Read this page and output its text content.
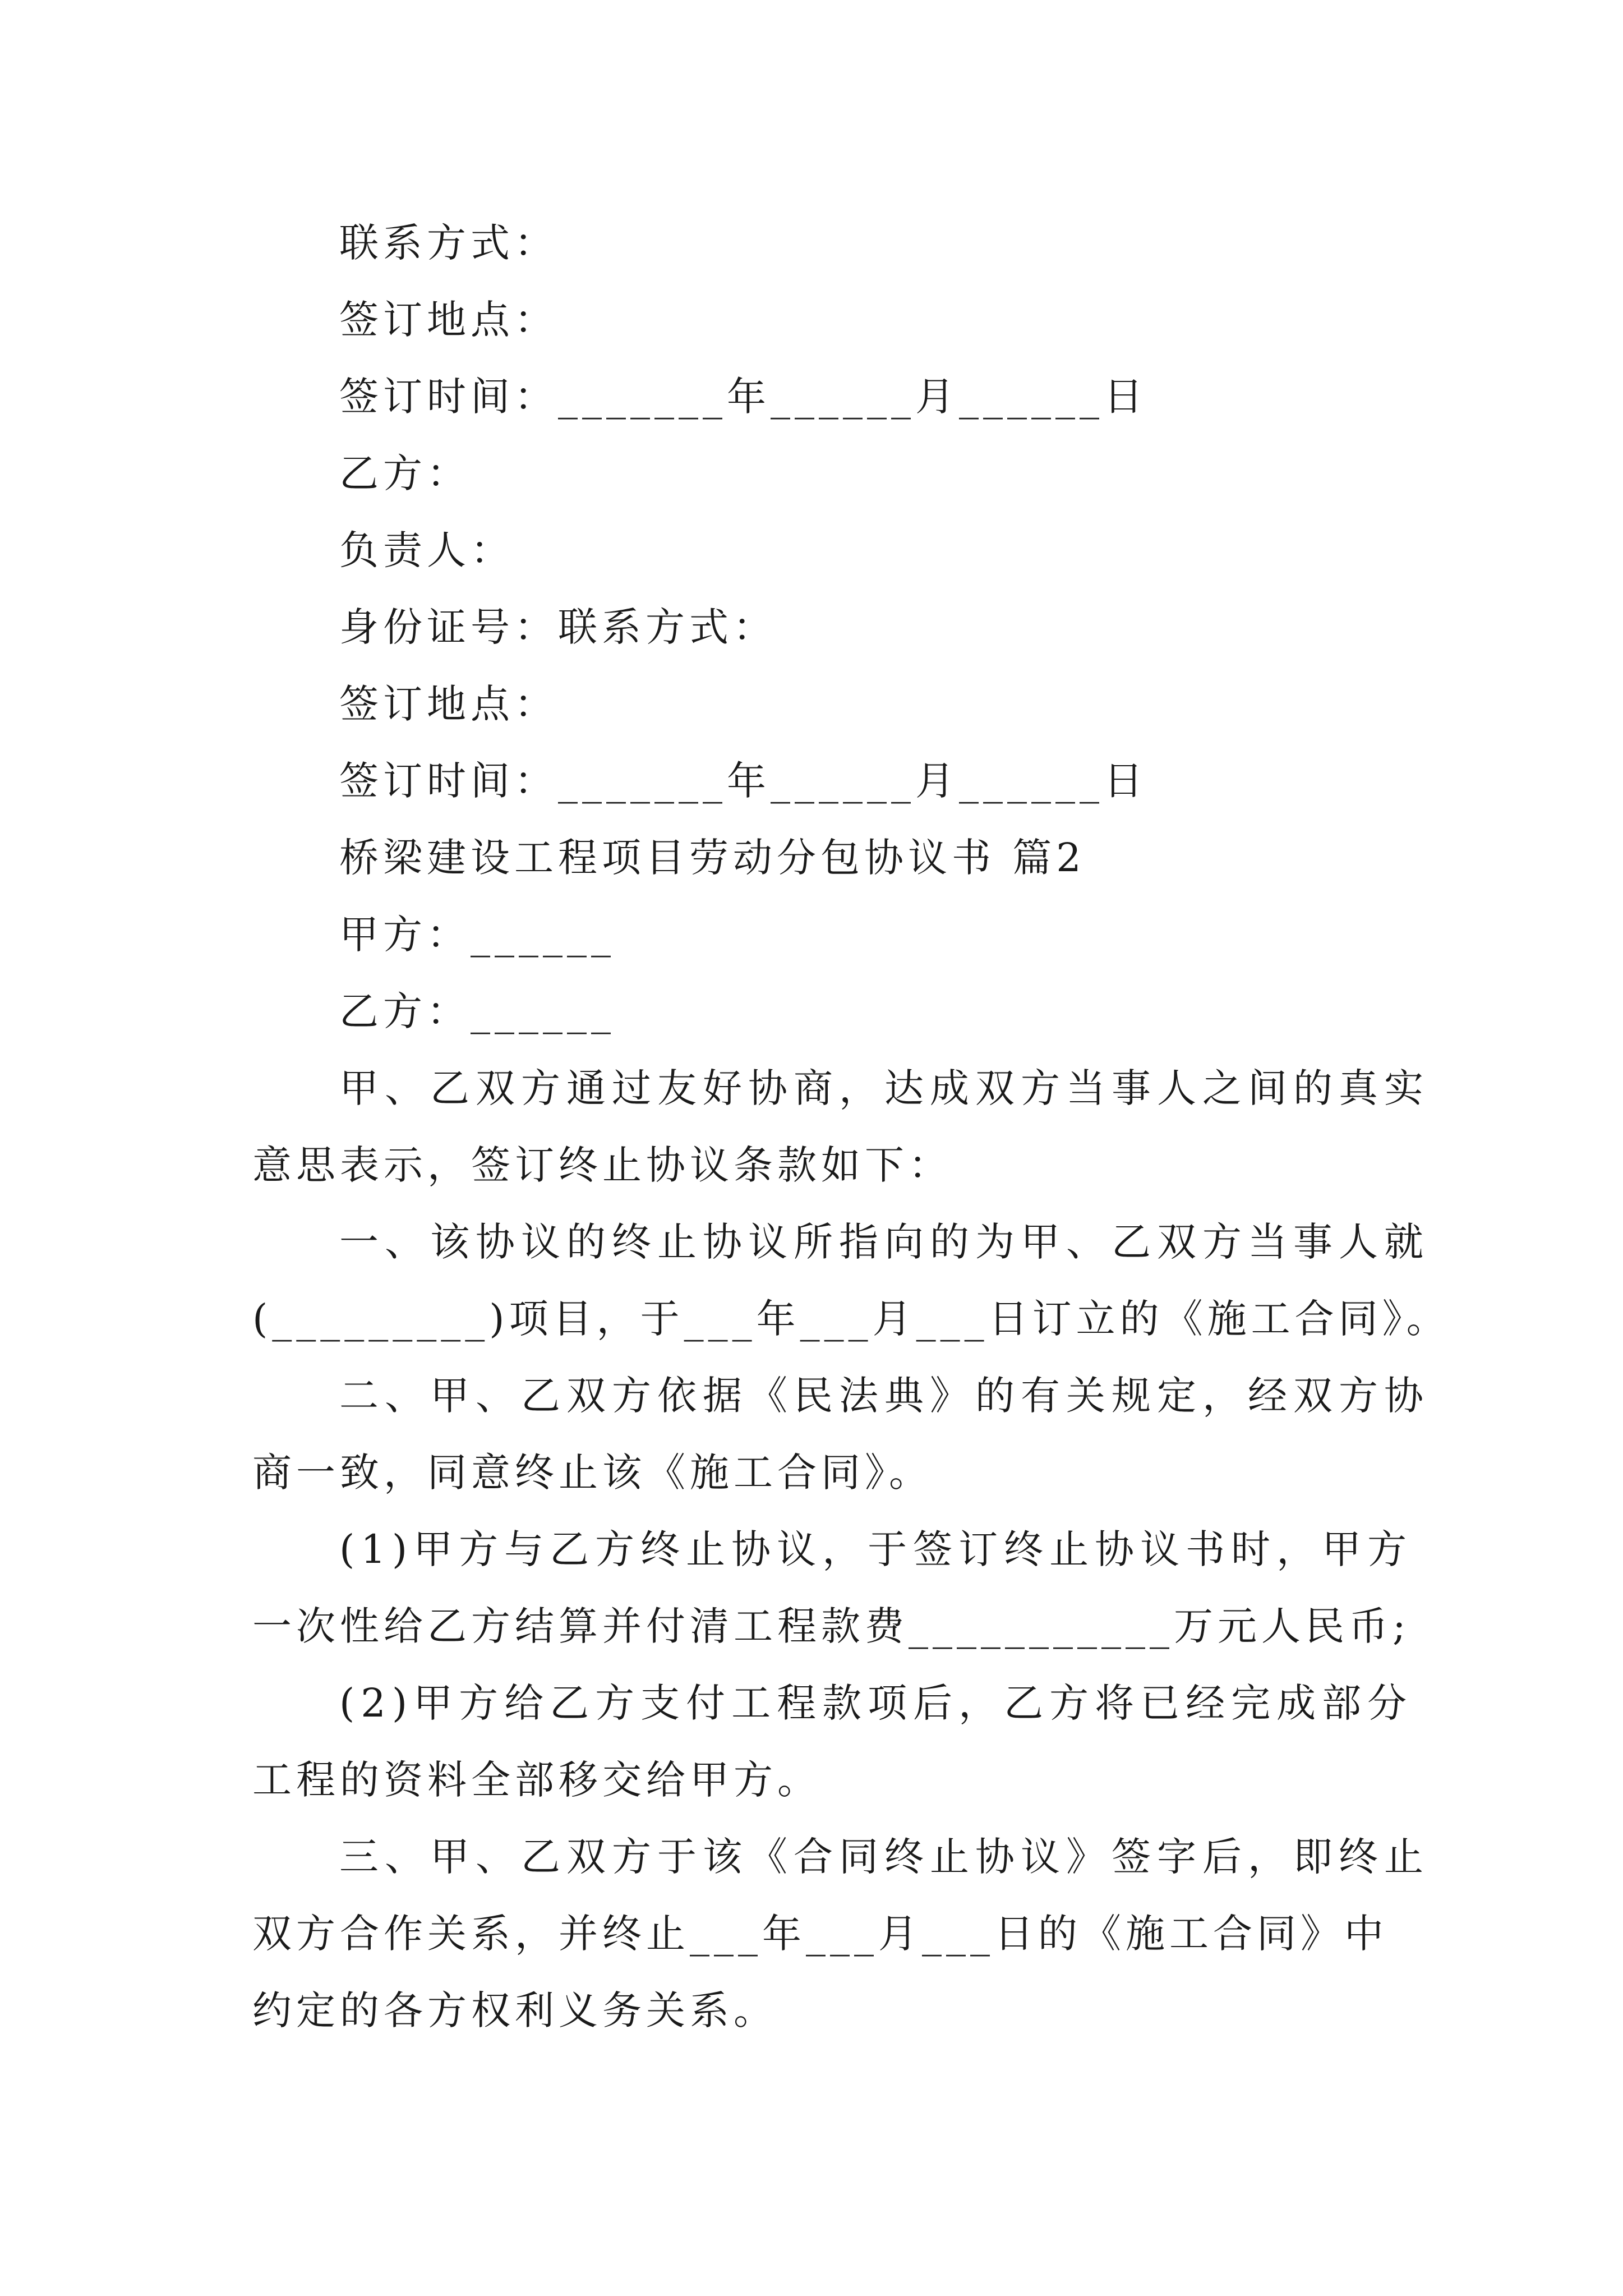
联系方式：

签订地点：

签订时间：_______年______月______日

乙方：

负责人：

身份证号：联系方式：

签订地点：

签订时间：_______年______月______日

桥梁建设工程项目劳动分包协议书 篇2

甲方：______

乙方：______

甲、乙双方通过友好协商，达成双方当事人之间的真实

意思表示，签订终止协议条款如下：

一、该协议的终止协议所指向的为甲、乙双方当事人就

(_________)项目，于___年___月___日订立的《施工合同》。

二、甲、乙双方依据《民法典》的有关规定，经双方协

商一致，同意终止该《施工合同》。

(1)甲方与乙方终止协议，于签订终止协议书时，甲方

一次性给乙方结算并付清工程款费___________万元人民币;

(2)甲方给乙方支付工程款项后，乙方将已经完成部分

工程的资料全部移交给甲方。

三、甲、乙双方于该《合同终止协议》签字后，即终止

双方合作关系，并终止___年___月___日的《施工合同》中

约定的各方权利义务关系。
